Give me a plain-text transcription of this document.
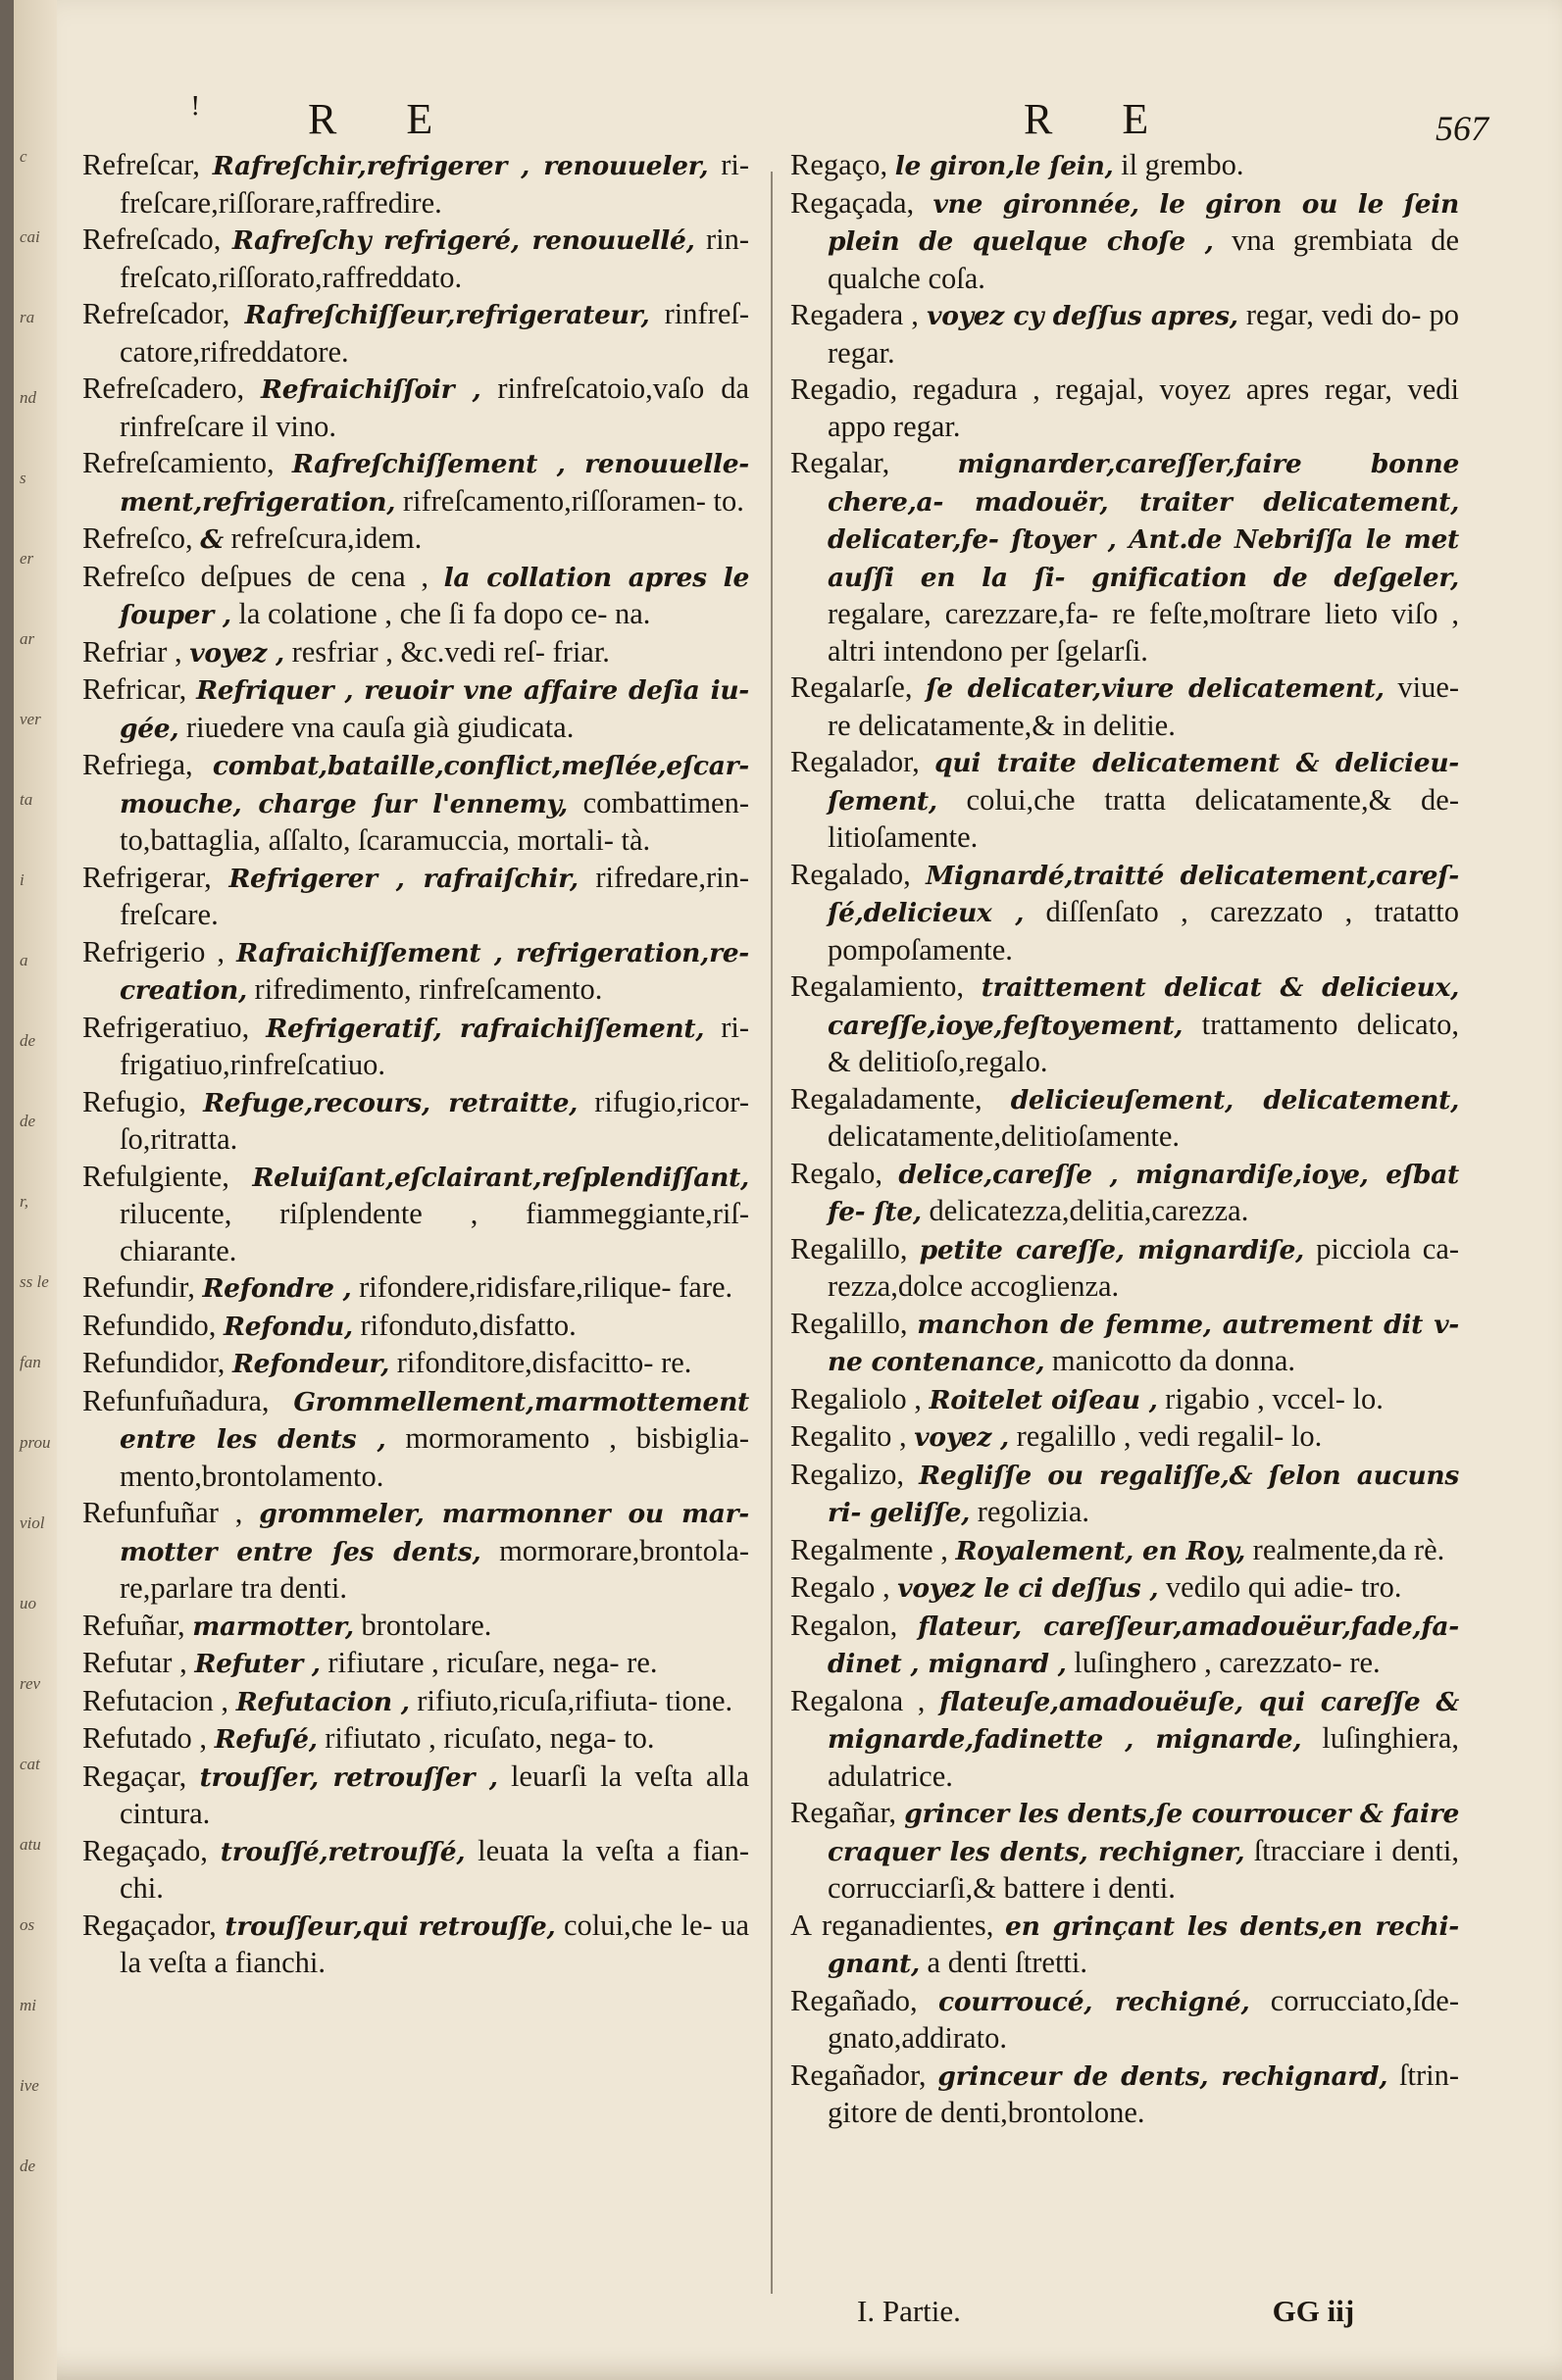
c
cai
ra
nd
s
er
ar
ver
ta
i
a
de
de
r,
ss le
fan
prou
viol
uo
rev
cat
atu
os
mi
ive
de
! R E	R E	567
Refreſcar, Rafreſchir,refrigerer , renouueler, ri- freſcare,riſſorare,raffredire.
Refreſcado, Rafreſchy refrigeré, renouuellé, rin- freſcato,riſſorato,raffreddato.
Refreſcador, Rafreſchiſſeur,refrigerateur, rinfreſ- catore,rifreddatore.
Refreſcadero, Refraichiſſoir , rinfreſcatoio,vaſo da rinfreſcare il vino.
Refreſcamiento, Rafreſchiſſement , renouuelle- ment,refrigeration, rifreſcamento,riſſoramen- to.
Refreſco, & refreſcura,idem.
Refreſco deſpues de cena , la collation apres le ſouper , la colatione , che ſi fa dopo ce- na.
Refriar , voyez , resfriar , &c.vedi reſ- friar.
Refricar, Refriquer , reuoir vne affaire deſia iu- gée, riuedere vna cauſa già giudicata.
Refriega, combat,bataille,conflict,meſlée,eſcar- mouche, charge ſur l'ennemy, combattimen- to,battaglia, aſſalto, ſcaramuccia, mortali- tà.
Refrigerar, Refrigerer , rafraiſchir, rifredare,rin- freſcare.
Refrigerio , Rafraichiſſement , refrigeration,re- creation, rifredimento, rinfreſcamento.
Refrigeratiuo, Refrigeratif, rafraichiſſement, ri- frigatiuo,rinfreſcatiuo.
Refugio, Refuge,recours, retraitte, rifugio,ricor- ſo,ritratta.
Refulgiente, Reluiſant,eſclairant,reſplendiſſant, rilucente, riſplendente , fiammeggiante,riſ- chiarante.
Refundir, Refondre , rifondere,ridisfare,rilique- fare.
Refundido, Refondu, rifonduto,disfatto.
Refundidor, Refondeur, rifonditore,disfacitto- re.
Refunfuñadura, Grommellement,marmottement entre les dents , mormoramento , bisbiglia- mento,brontolamento.
Refunfuñar , grommeler, marmonner ou mar- motter entre ſes dents, mormorare,brontola- re,parlare tra denti.
Refuñar, marmotter, brontolare.
Refutar , Refuter , rifiutare , ricuſare, nega- re.
Refutacion , Refutacion , rifiuto,ricuſa,rifiuta- tione.
Refutado , Refuſé, rifiutato , ricuſato, nega- to.
Regaçar, trouſſer, retrouſſer , leuarſi la veſta alla cintura.
Regaçado, trouſſé,retrouſſé, leuata la veſta a fian- chi.
Regaçador, trouſſeur,qui retrouſſe, colui,che le- ua la veſta a fianchi.
Regaço, le giron,le ſein, il grembo.
Regaçada, vne gironnée, le giron ou le ſein plein de quelque choſe , vna grembiata de qualche coſa.
Regadera , voyez cy deſſus apres, regar, vedi do- po regar.
Regadio, regadura , regajal, voyez apres regar, vedi appo regar.
Regalar,	mignarder,careſſer,faire bonne chere,a- madouër, traiter delicatement, delicater,fe- ſtoyer , Ant.de Nebriſſa le met auſſi en la ſi- gnification de deſgeler, regalare, carezzare,fa- re feſte,moſtrare lieto viſo , altri intendono per ſgelarſi.
Regalarſe, ſe delicater,viure delicatement, viue- re delicatamente,& in delitie.
Regalador, qui traite delicatement & delicieu- ſement, colui,che tratta delicatamente,& de- litioſamente.
Regalado, Mignardé,traitté delicatement,careſ- ſé,delicieux , diſſenſato , carezzato , tratatto pompoſamente.
Regalamiento, traittement delicat & delicieux, careſſe,ioye,feſtoyement, trattamento delicato, & delitioſo,regalo.
Regaladamente, delicieuſement, delicatement, delicatamente,delitioſamente.
Regalo, delice,careſſe , mignardiſe,ioye, eſbat fe- ſte, delicatezza,delitia,carezza.
Regalillo, petite careſſe, mignardiſe, picciola ca- rezza,dolce accoglienza.
Regalillo, manchon de femme, autrement dit v- ne contenance, manicotto da donna.
Regaliolo , Roitelet oiſeau , rigabio , vccel- lo.
Regalito , voyez , regalillo , vedi regalil- lo.
Regalizo, Regliſſe ou regaliſſe,& ſelon aucuns ri- geliſſe, regolizia.
Regalmente , Royalement, en Roy, realmente,da rè.
Regalo , voyez le ci deſſus , vedilo qui adie- tro.
Regalon, flateur, careſſeur,amadouëur,fade,fa- dinet , mignard , luſinghero , carezzato- re.
Regalona , flateuſe,amadouëuſe, qui careſſe & mignarde,fadinette , mignarde, luſinghiera, adulatrice.
Regañar, grincer les dents,ſe courroucer & faire craquer les dents, rechigner, ſtracciare i denti, corrucciarſi,& battere i denti.
A reganadientes, en grinçant les dents,en rechi- gnant, a denti ſtretti.
Regañado, courroucé, rechigné, corrucciato,ſde- gnato,addirato.
Regañador, grinceur de dents, rechignard, ſtrin- gitore de denti,brontolone.
I. Partie.	GG iij
